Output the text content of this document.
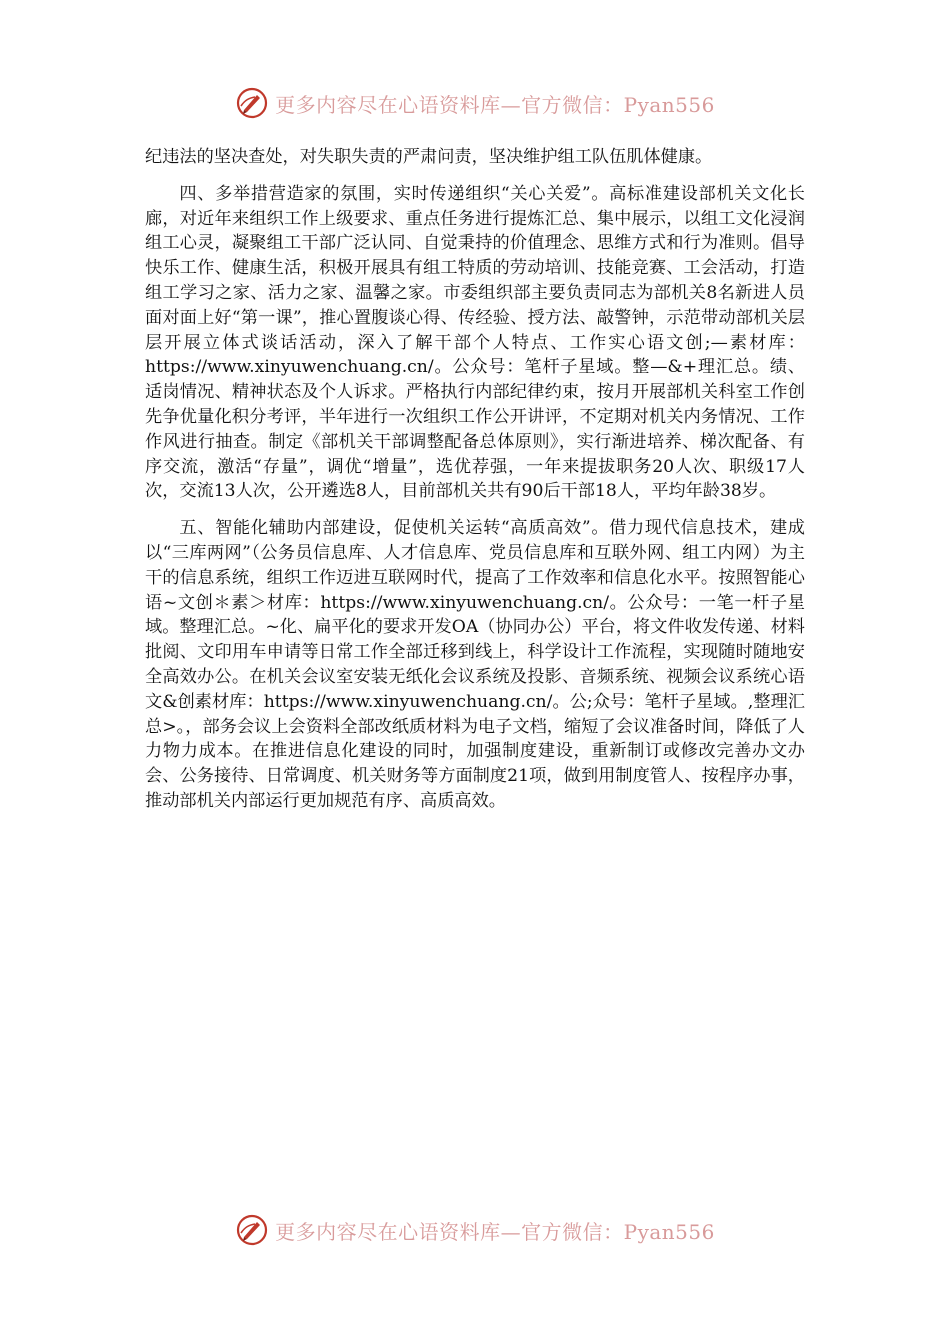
更多内容尽在心语资料库—官方微信：Pyan556

纪违法的坚决查处，对失职失责的严肃问责，坚决维护组工队伍肌体健康。

四、多举措营造家的氛围，实时传递组织“关心关爱”。高标准建设部机关文化长廊，对近年来组织工作上级要求、重点任务进行提炼汇总、集中展示，以组工文化浸润组工心灵，凝聚组工干部广泛认同、自觉秉持的价值理念、思维方式和行为准则。倡导快乐工作、健康生活，积极开展具有组工特质的劳动培训、技能竞赛、工会活动，打造组工学习之家、活力之家、温馨之家。市委组织部主要负责同志为部机关8名新进人员面对面上好“第一课”，推心置腹谈心得、传经验、授方法、敲警钟，示范带动部机关层层开展立体式谈话活动，深入了解干部个人特点、工作实心语文创;—素材库：https://www.xinyuwenchuang.cn/。公众号：笔杆子星域。整—&+理汇总。绩、适岗情况、精神状态及个人诉求。严格执行内部纪律约束，按月开展部机关科室工作创先争优量化积分考评，半年进行一次组织工作公开讲评，不定期对机关内务情况、工作作风进行抽查。制定《部机关干部调整配备总体原则》，实行渐进培养、梯次配备、有序交流，激活“存量”，调优“增量”，选优荐强，一年来提拔职务20人次、职级17人次，交流13人次，公开遴选8人，目前部机关共有90后干部18人，平均年龄38岁。

五、智能化辅助内部建设，促使机关运转“高质高效”。借力现代信息技术，建成以“三库两网”（公务员信息库、人才信息库、党员信息库和互联外网、组工内网）为主干的信息系统，组织工作迈进互联网时代，提高了工作效率和信息化水平。按照智能心语~文创＊素＞材库：https://www.xinyuwenchuang.cn/。公众号：一笔一杆子星域。整理汇总。~化、扁平化的要求开发OA（协同办公）平台，将文件收发传递、材料批阅、文印用车申请等日常工作全部迁移到线上，科学设计工作流程，实现随时随地安全高效办公。在机关会议室安装无纸化会议系统及投影、音频系统、视频会议系统心语文&创素材库：https://www.xinyuwenchuang.cn/。公;众号：笔杆子星域。,整理汇总>。，部务会议上会资料全部改纸质材料为电子文档，缩短了会议准备时间，降低了人力物力成本。在推进信息化建设的同时，加强制度建设，重新制订或修改完善办文办会、公务接待、日常调度、机关财务等方面制度21项，做到用制度管人、按程序办事，推动部机关内部运行更加规范有序、高质高效。

更多内容尽在心语资料库—官方微信：Pyan556
